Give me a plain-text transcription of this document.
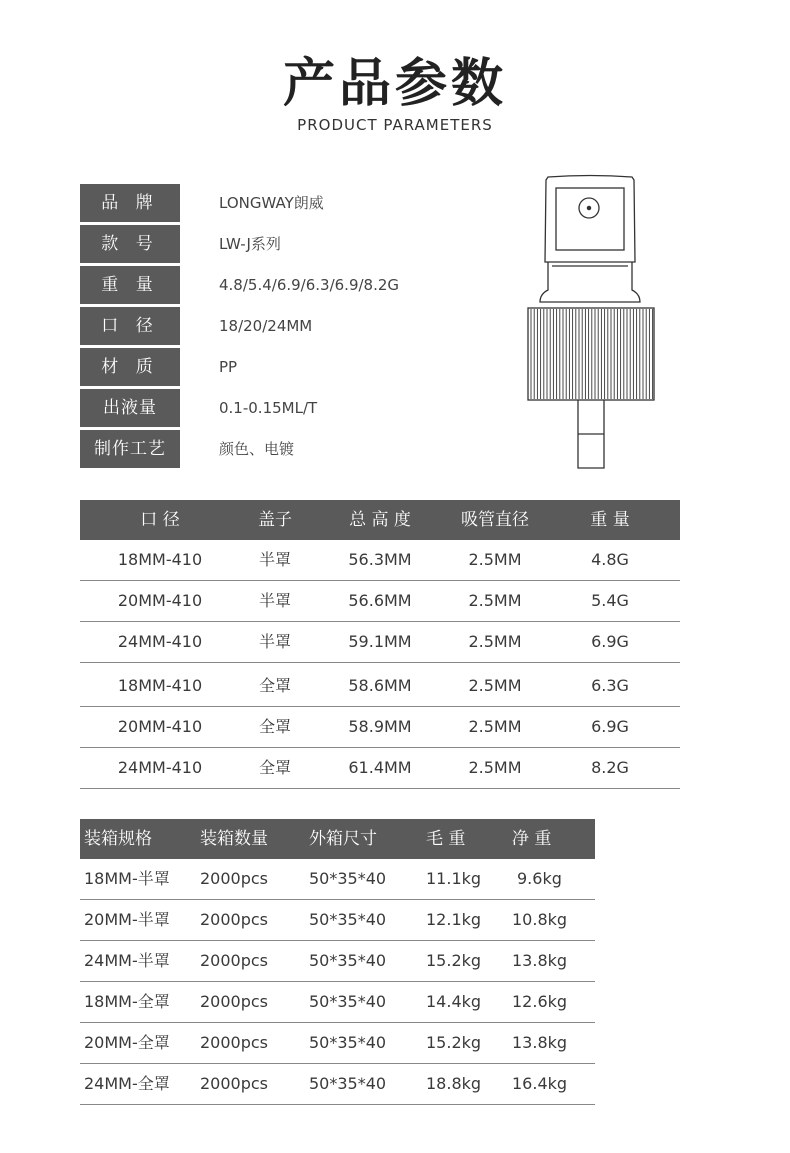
产品参数
PRODUCT PARAMETERS
品 牌	LONGWAY朗威
款 号	LW-J系列
重 量	4.8/5.4/6.9/6.3/6.9/8.2G
口 径	18/20/24MM
材 质	PP
出液量	0.1-0.15ML/T
制作工艺	颜色、电镀
口 径	盖子	总 高 度	吸管直径	重 量
18MM-410	半罩	56.3MM	2.5MM	4.8G
20MM-410	半罩	56.6MM	2.5MM	5.4G
24MM-410	半罩	59.1MM	2.5MM	6.9G
18MM-410	全罩	58.6MM	2.5MM	6.3G
20MM-410	全罩	58.9MM	2.5MM	6.9G
24MM-410	全罩	61.4MM	2.5MM	8.2G
装箱规格	装箱数量	外箱尺寸	毛 重	净 重
18MM-半罩	2000pcs	50*35*40	11.1kg	9.6kg
20MM-半罩	2000pcs	50*35*40	12.1kg	10.8kg
24MM-半罩	2000pcs	50*35*40	15.2kg	13.8kg
18MM-全罩	2000pcs	50*35*40	14.4kg	12.6kg
20MM-全罩	2000pcs	50*35*40	15.2kg	13.8kg
24MM-全罩	2000pcs	50*35*40	18.8kg	16.4kg
